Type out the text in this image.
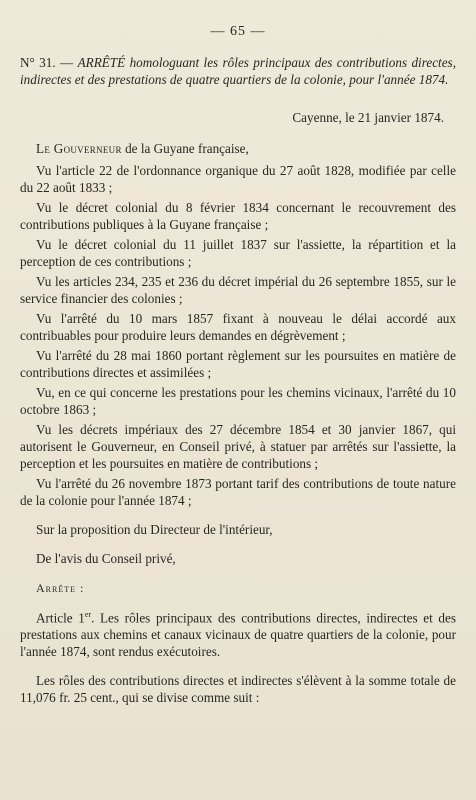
— 65 —

N° 31. — ARRÊTÉ homologuant les rôles principaux des contributions directes, indirectes et des prestations de quatre quartiers de la colonie, pour l'année 1874.

Cayenne, le 21 janvier 1874.

Le Gouverneur de la Guyane française,

Vu l'article 22 de l'ordonnance organique du 27 août 1828, modifiée par celle du 22 août 1833 ;

Vu le décret colonial du 8 février 1834 concernant le recouvrement des contributions publiques à la Guyane française ;

Vu le décret colonial du 11 juillet 1837 sur l'assiette, la répartition et la perception de ces contributions ;

Vu les articles 234, 235 et 236 du décret impérial du 26 septembre 1855, sur le service financier des colonies ;

Vu l'arrêté du 10 mars 1857 fixant à nouveau le délai accordé aux contribuables pour produire leurs demandes en dégrèvement ;

Vu l'arrêté du 28 mai 1860 portant règlement sur les poursuites en matière de contributions directes et assimilées ;

Vu, en ce qui concerne les prestations pour les chemins vicinaux, l'arrêté du 10 octobre 1863 ;

Vu les décrets impériaux des 27 décembre 1854 et 30 janvier 1867, qui autorisent le Gouverneur, en Conseil privé, à statuer par arrêtés sur l'assiette, la perception et les poursuites en matière de contributions ;

Vu l'arrêté du 26 novembre 1873 portant tarif des contributions de toute nature de la colonie pour l'année 1874 ;

Sur la proposition du Directeur de l'intérieur,

De l'avis du Conseil privé,

Arrête :

Article 1er. Les rôles principaux des contributions directes, indirectes et des prestations aux chemins et canaux vicinaux de quatre quartiers de la colonie, pour l'année 1874, sont rendus exécutoires.

Les rôles des contributions directes et indirectes s'élèvent à la somme totale de 11,076 fr. 25 cent., qui se divise comme suit :
